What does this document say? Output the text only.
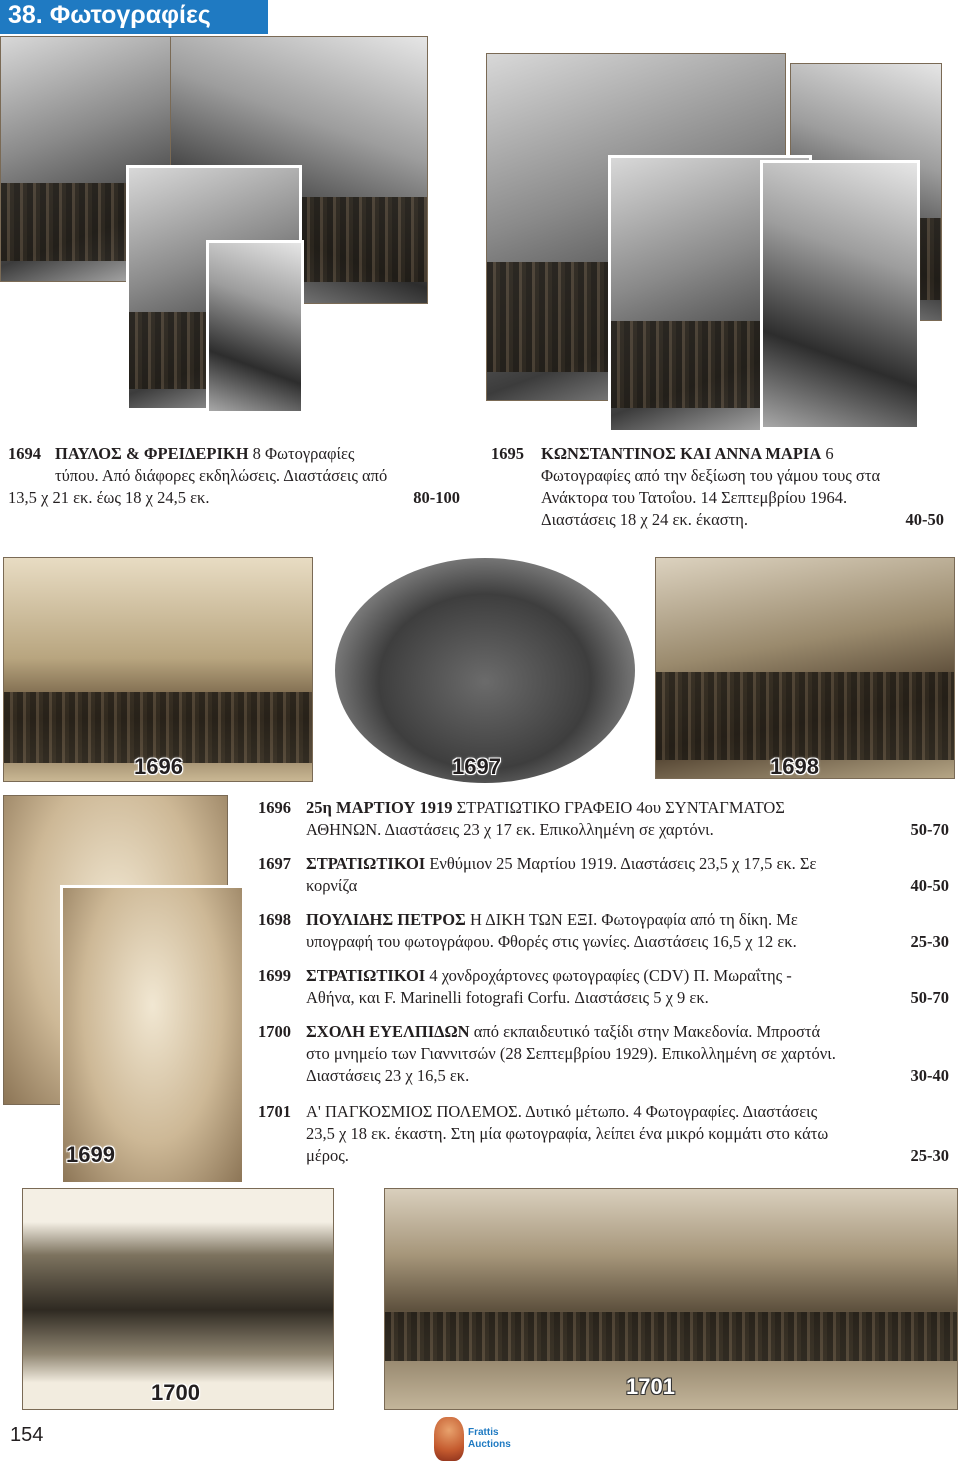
38. Φωτογραφίες
1694 ΠΑΥΛΟΣ & ΦΡΕΙΔΕΡΙΚΗ 8 Φωτογραφίες
τύπου. Από διάφορες εκδηλώσεις. Διαστάσεις από
13,5 χ 21 εκ. έως 18 χ 24,5 εκ.	80-100
1695 ΚΩΝΣΤΑΝΤΙΝΟΣ ΚΑΙ ΑΝΝΑ ΜΑΡΙΑ 6
Φωτογραφίες από την δεξίωση του γάμου τους στα
Ανάκτορα του Τατοΐου. 14 Σεπτεμβρίου 1964.
Διαστάσεις 18 χ 24 εκ. έκαστη.	40-50
1696	1697	1698
1699
1696 25η ΜΑΡΤΙΟΥ 1919 ΣΤΡΑΤΙΩΤΙΚΟ ΓΡΑΦΕΙΟ 4ου ΣΥΝΤΑΓΜΑΤΟΣ
ΑΘΗΝΩΝ. Διαστάσεις 23 χ 17 εκ. Επικολλημένη σε χαρτόνι.	50-70
1697 ΣΤΡΑΤΙΩΤΙΚΟΙ Ενθύμιον 25 Μαρτίου 1919. Διαστάσεις 23,5 χ 17,5 εκ. Σε
κορνίζα	40-50
1698 ΠΟΥΛΙΔΗΣ ΠΕΤΡΟΣ Η ΔΙΚΗ ΤΩΝ ΕΞΙ. Φωτογραφία από τη δίκη. Με
υπογραφή του φωτογράφου. Φθορές στις γωνίες. Διαστάσεις 16,5 χ 12 εκ.	25-30
1699 ΣΤΡΑΤΙΩΤΙΚΟΙ 4 χονδροχάρτονες φωτογραφίες (CDV) Π. Μωραΐτης -
Αθήνα, και F. Marinelli fotografi Corfu. Διαστάσεις 5 χ 9 εκ.	50-70
1700 ΣΧΟΛΗ ΕΥΕΛΠΙΔΩΝ από εκπαιδευτικό ταξίδι στην Μακεδονία. Μπροστά
στο μνημείο των Γιαννιτσών (28 Σεπτεμβρίου 1929). Επικολλημένη σε χαρτόνι.
Διαστάσεις 23 χ 16,5 εκ.	30-40
1701 Α' ΠΑΓΚΟΣΜΙΟΣ ΠΟΛΕΜΟΣ. Δυτικό μέτωπο. 4 Φωτογραφίες. Διαστάσεις
23,5 χ 18 εκ. έκαστη. Στη μία φωτογραφία, λείπει ένα μικρό κομμάτι στο κάτω
μέρος.	25-30
1700	1701
154	Frattis
Auctions
